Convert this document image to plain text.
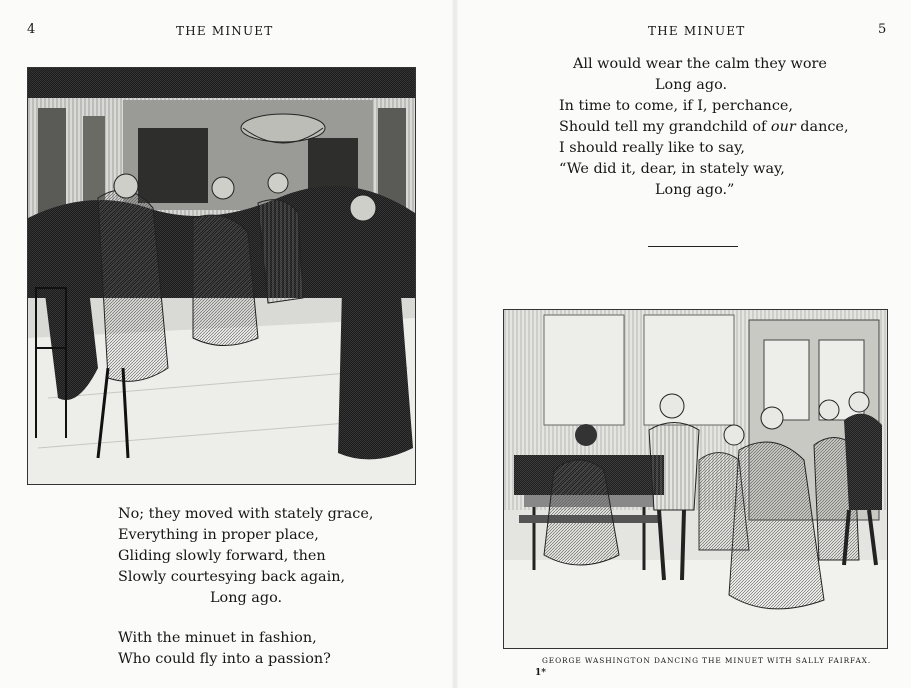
4	THE MINUET

No; they moved with stately grace,
Everything in proper place,
Gliding slowly forward, then
Slowly courtesying back again,
Long ago.

With the minuet in fashion,
Who could fly into a passion?

THE MINUET	5

All would wear the calm they wore
Long ago.
In time to come, if I, perchance,
Should tell my grandchild of our dance,
I should really like to say,
“We did it, dear, in stately way,
Long ago.”

GEORGE WASHINGTON DANCING THE MINUET WITH SALLY FAIRFAX.
1*
